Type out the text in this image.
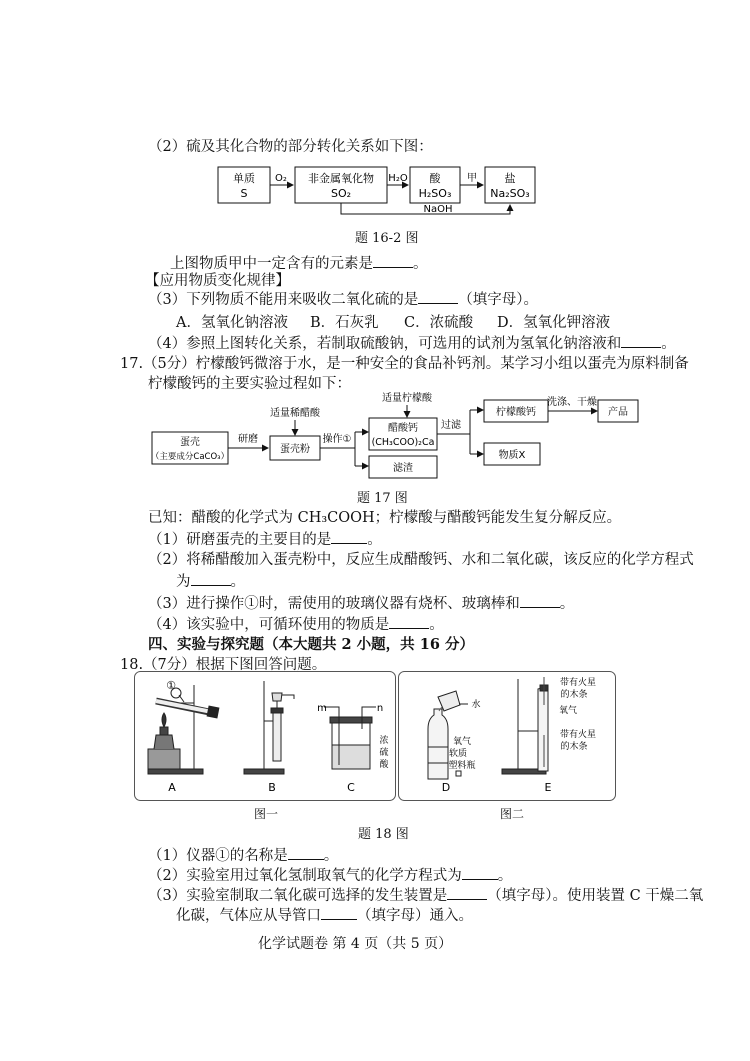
（2）硫及其化合物的部分转化关系如下图：
单质
S
O₂ 非金属氧化物
SO₂
H₂O 酸
H₂SO₃
甲	盐
Na₂SO₃
NaOH
题 16-2 图
上图物质甲中一定含有的元素是	。
【应用物质变化规律】
（3）下列物质不能用来吸收二氧化硫的是	（填字母）。
A．氢氧化钠溶液 B．石灰乳 C．浓硫酸 D．氢氧化钾溶液
（4）参照上图转化关系，若制取硫酸钠，可选用的试剂为氢氧化钠溶液和	。
17.（5分）柠檬酸钙微溶于水，是一种安全的食品补钙剂。某学习小组以蛋壳为原料制备
柠檬酸钙的主要实验过程如下：
蛋壳
（主要成分CaCO₃）
研磨
适量稀醋酸
蛋壳粉
操作①
适量柠檬酸
醋酸钙
(CH₃COO)₂Ca
滤渣
过滤
柠檬酸钙
洗涤、干燥
产品
物质X
题 17 图
已知：醋酸的化学式为 CH₃COOH；柠檬酸与醋酸钙能发生复分解反应。
（1）研磨蛋壳的主要目的是 。
（2）将稀醋酸加入蛋壳粉中，反应生成醋酸钙、水和二氧化碳，该反应的化学方程式
为	。
（3）进行操作①时，需使用的玻璃仪器有烧杯、玻璃棒和	。
（4）该实验中，可循环使用的物质是	。
四、实验与探究题（本大题共 2 小题，共 16 分）
18.（7分）根据下图回答问题。
①
A	B
m	n
浓
硫
酸
C
图一
水
氧气
软质
塑料瓶
D
带有火星
的木条
氧气
带有火星
的木条
E
图二
题 18 图
（1）仪器①的名称是 。
（2）实验室用过氧化氢制取氧气的化学方程式为 。
（3）实验室制取二氧化碳可选择的发生装置是	（填字母）。使用装置 C 干燥二氧
化碳，气体应从导管口 （填字母）通入。
化学试题卷 第 4 页（共 5 页）
